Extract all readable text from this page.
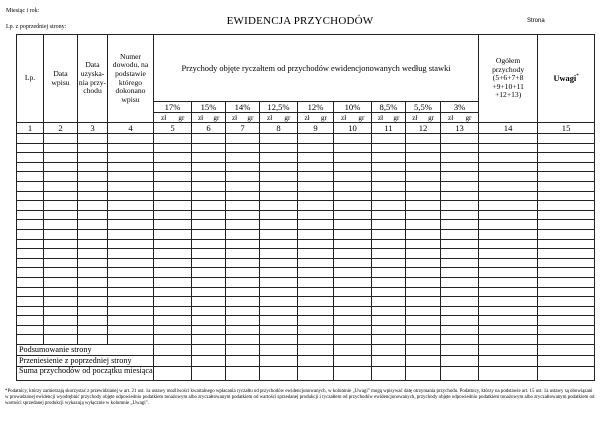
Miesiąc i rok:
Lp. z poprzedniej strony:	EWIDENCJA PRZYCHODÓW	Strona
Lp.	Data wpisu	Data uzyska-nia przy-chodu	Numer dowodu, na podstawie którego dokonano wpisu	Przychody objęte ryczałtem od przychodów ewidencjonowanych według stawki									Ogółem przychody (5+6+7+8 +9+10+11 +12+13)	Uwagi*
				17%	15%	14%	12,5%	12%	10%	8,5%	5,5%	3%		
				zł gr	zł gr	zł gr	zł gr	zł gr	zł gr	zł gr	zł gr	zł gr		
1	2	3	4	5	6	7	8	9	10	11	12	13	14	15

Podsumowanie strony														
Przeniesienie z poprzedniej strony														
Suma przychodów od początku miesiąca														
*Podatnicy, którzy zamierzają skorzystać z przewidzianej w art. 21 ust. 1a ustawy możliwości kwartalnego wpłacania ryczałtu od przychodów ewidencjonowanych, w kolumnie „Uwagi” mogą wpisywać datę otrzymania przychodu. Podatnicy, którzy na podstawie art. 15 ust. 1a ustawy są obowiązani w prowadzonej ewidencji wyodrębnić przychody objęte odpowiednio podatkiem tonażowym albo zryczałtowanym podatkiem od wartości sprzedanej produkcji i ryczałtem od przychodów ewidencjonowanych, przychody objęte odpowiednio podatkiem tonażowym albo zryczałtowanym podatkiem od wartości sprzedanej produkcji wykazują wyłącznie w kolumnie „Uwagi”.
